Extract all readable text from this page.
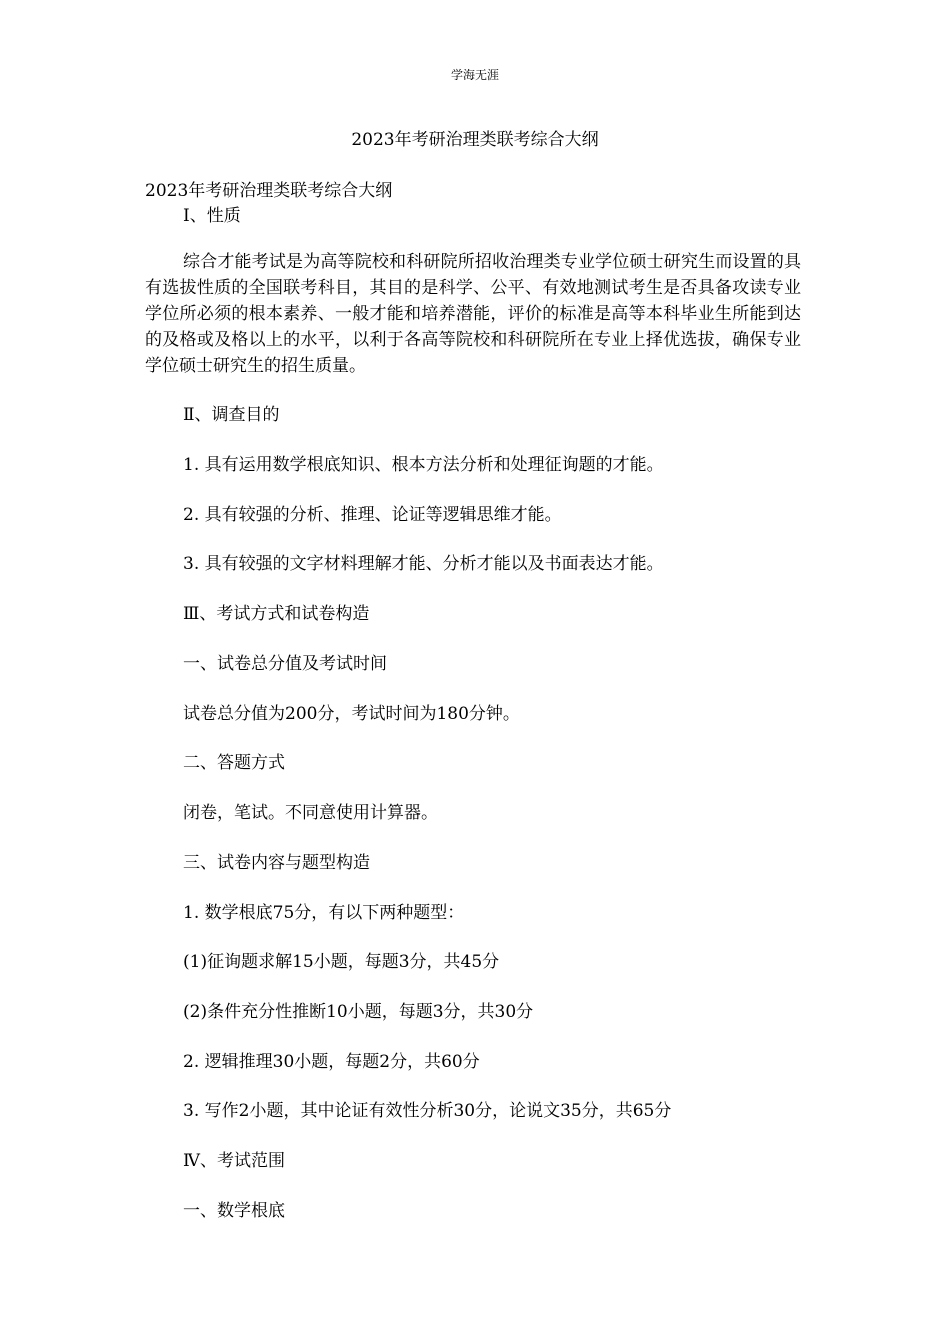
学海无涯
2023年考研治理类联考综合大纲
2023年考研治理类联考综合大纲
Ⅰ、性质
综合才能考试是为高等院校和科研院所招收治理类专业学位硕士研究生而设置的具有选拔性质的全国联考科目，其目的是科学、公平、有效地测试考生是否具备攻读专业学位所必须的根本素养、一般才能和培养潜能，评价的标准是高等本科毕业生所能到达的及格或及格以上的水平，以利于各高等院校和科研院所在专业上择优选拔，确保专业学位硕士研究生的招生质量。
Ⅱ、调查目的
1. 具有运用数学根底知识、根本方法分析和处理征询题的才能。
2. 具有较强的分析、推理、论证等逻辑思维才能。
3. 具有较强的文字材料理解才能、分析才能以及书面表达才能。
Ⅲ、考试方式和试卷构造
一、试卷总分值及考试时间
试卷总分值为200分，考试时间为180分钟。
二、答题方式
闭卷，笔试。不同意使用计算器。
三、试卷内容与题型构造
1. 数学根底75分，有以下两种题型：
(1)征询题求解15小题，每题3分，共45分
(2)条件充分性推断10小题，每题3分，共30分
2. 逻辑推理30小题，每题2分，共60分
3. 写作2小题，其中论证有效性分析30分，论说文35分，共65分
Ⅳ、考试范围
一、数学根底
